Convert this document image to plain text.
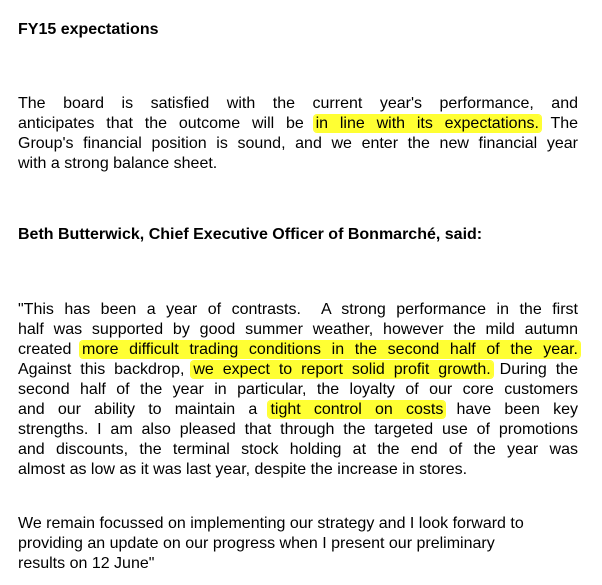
FY15 expectations
The board is satisfied with the current year's performance, and
anticipates that the outcome will be in line with its expectations. The
Group's financial position is sound, and we enter the new financial year
with a strong balance sheet.
Beth Butterwick, Chief Executive Officer of Bonmarché, said:
"This has been a year of contrasts.  A strong performance in the first
half was supported by good summer weather, however the mild autumn
created more difficult trading conditions in the second half of the year.
Against this backdrop, we expect to report solid profit growth. During the
second half of the year in particular, the loyalty of our core customers
and our ability to maintain a tight control on costs have been key
strengths. I am also pleased that through the targeted use of promotions
and discounts, the terminal stock holding at the end of the year was
almost as low as it was last year, despite the increase in stores.
We remain focussed on implementing our strategy and I look forward to
providing an update on our progress when I present our preliminary
results on 12 June"
